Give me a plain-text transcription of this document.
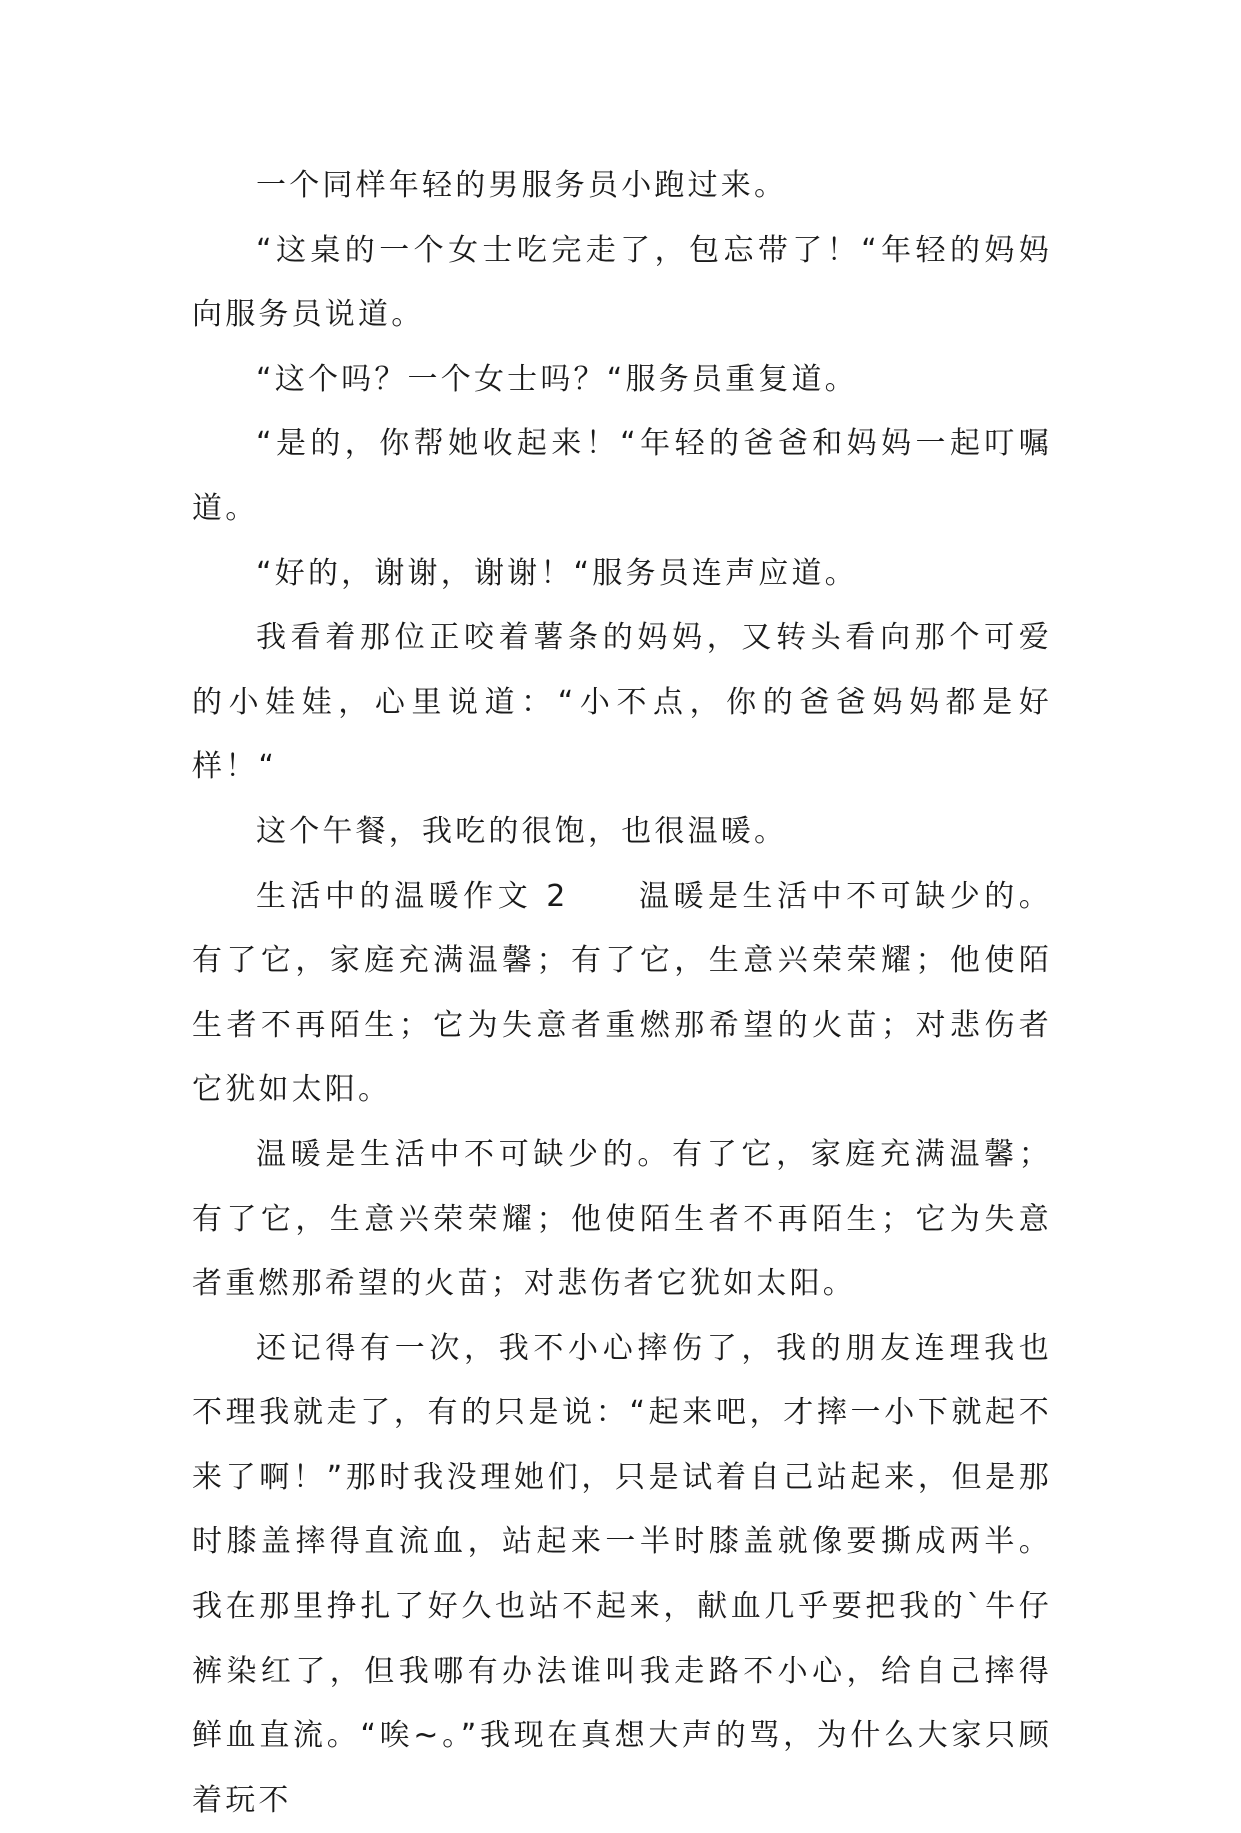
一个同样年轻的男服务员小跑过来。

“这桌的一个女士吃完走了，包忘带了！“年轻的妈妈向服务员说道。

“这个吗？一个女士吗？“服务员重复道。

“是的，你帮她收起来！“年轻的爸爸和妈妈一起叮嘱道。

“好的，谢谢，谢谢！“服务员连声应道。

我看着那位正咬着薯条的妈妈，又转头看向那个可爱的小娃娃，心里说道：“小不点，你的爸爸妈妈都是好样！“

这个午餐，我吃的很饱，也很温暖。

生活中的温暖作文 2　　温暖是生活中不可缺少的。有了它，家庭充满温馨；有了它，生意兴荣荣耀；他使陌生者不再陌生；它为失意者重燃那希望的火苗；对悲伤者它犹如太阳。

温暖是生活中不可缺少的。有了它，家庭充满温馨；有了它，生意兴荣荣耀；他使陌生者不再陌生；它为失意者重燃那希望的火苗；对悲伤者它犹如太阳。

还记得有一次，我不小心摔伤了，我的朋友连理我也不理我就走了，有的只是说：“起来吧，才摔一小下就起不来了啊！”那时我没理她们，只是试着自己站起来，但是那时膝盖摔得直流血，站起来一半时膝盖就像要撕成两半。我在那里挣扎了好久也站不起来，献血几乎要把我的`牛仔裤染红了，但我哪有办法谁叫我走路不小心，给自己摔得鲜血直流。“唉~。”我现在真想大声的骂，为什么大家只顾着玩不
